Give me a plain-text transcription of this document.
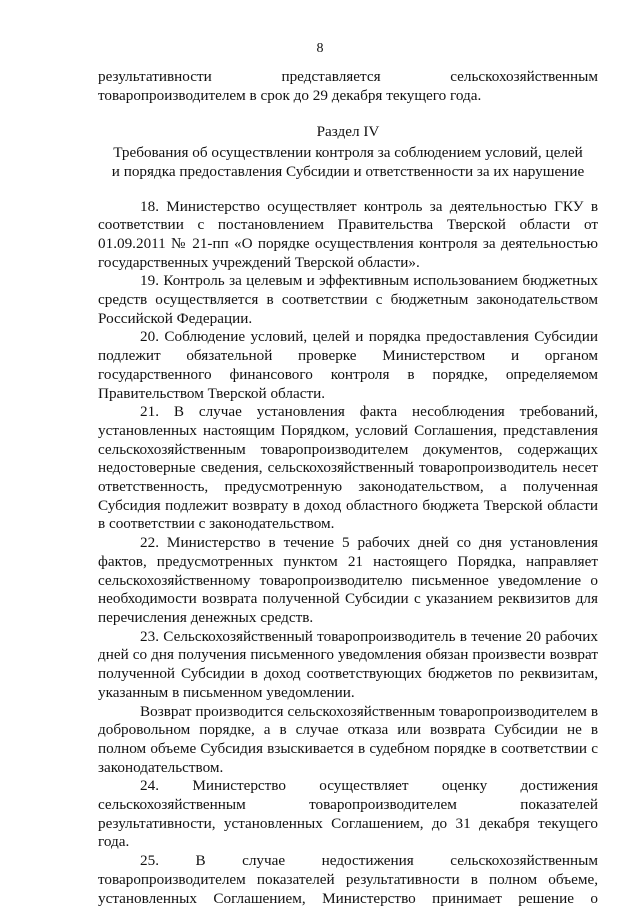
8

результативности представляется сельскохозяйственным

товаропроизводителем в срок до 29 декабря текущего года.

Раздел IV
Требования об осуществлении контроля за соблюдением условий, целей
и порядка предоставления Субсидии и ответственности за их нарушение

18. Министерство осуществляет контроль за деятельностью ГКУ в соответствии с постановлением Правительства Тверской области от 01.09.2011 № 21-пп «О порядке осуществления контроля за деятельностью государственных учреждений Тверской области».

19. Контроль за целевым и эффективным использованием бюджетных средств осуществляется в соответствии с бюджетным законодательством Российской Федерации.

20. Соблюдение условий, целей и порядка предоставления Субсидии подлежит обязательной проверке Министерством и органом государственного финансового контроля в порядке, определяемом Правительством Тверской области.

21. В случае установления факта несоблюдения требований, установленных настоящим Порядком, условий Соглашения, представления сельскохозяйственным товаропроизводителем документов, содержащих недостоверные сведения, сельскохозяйственный товаропроизводитель несет ответственность, предусмотренную законодательством, а полученная Субсидия подлежит возврату в доход областного бюджета Тверской области в соответствии с законодательством.

22. Министерство в течение 5 рабочих дней со дня установления фактов, предусмотренных пунктом 21 настоящего Порядка, направляет сельскохозяйственному товаропроизводителю письменное уведомление о необходимости возврата полученной Субсидии с указанием реквизитов для перечисления денежных средств.

23. Сельскохозяйственный товаропроизводитель в течение 20 рабочих дней со дня получения письменного уведомления обязан произвести возврат полученной Субсидии в доход соответствующих бюджетов по реквизитам, указанным в письменном уведомлении.

Возврат производится сельскохозяйственным товаропроизводителем в добровольном порядке, а в случае отказа или возврата Субсидии не в полном объеме Субсидия взыскивается в судебном порядке в соответствии с законодательством.

24. Министерство осуществляет оценку достижения сельскохозяйственным товаропроизводителем показателей результативности, установленных Соглашением, до 31 декабря текущего года.

25. В случае недостижения сельскохозяйственным товаропроизводителем показателей результативности в полном объеме, установленных Соглашением, Министерство принимает решение о
